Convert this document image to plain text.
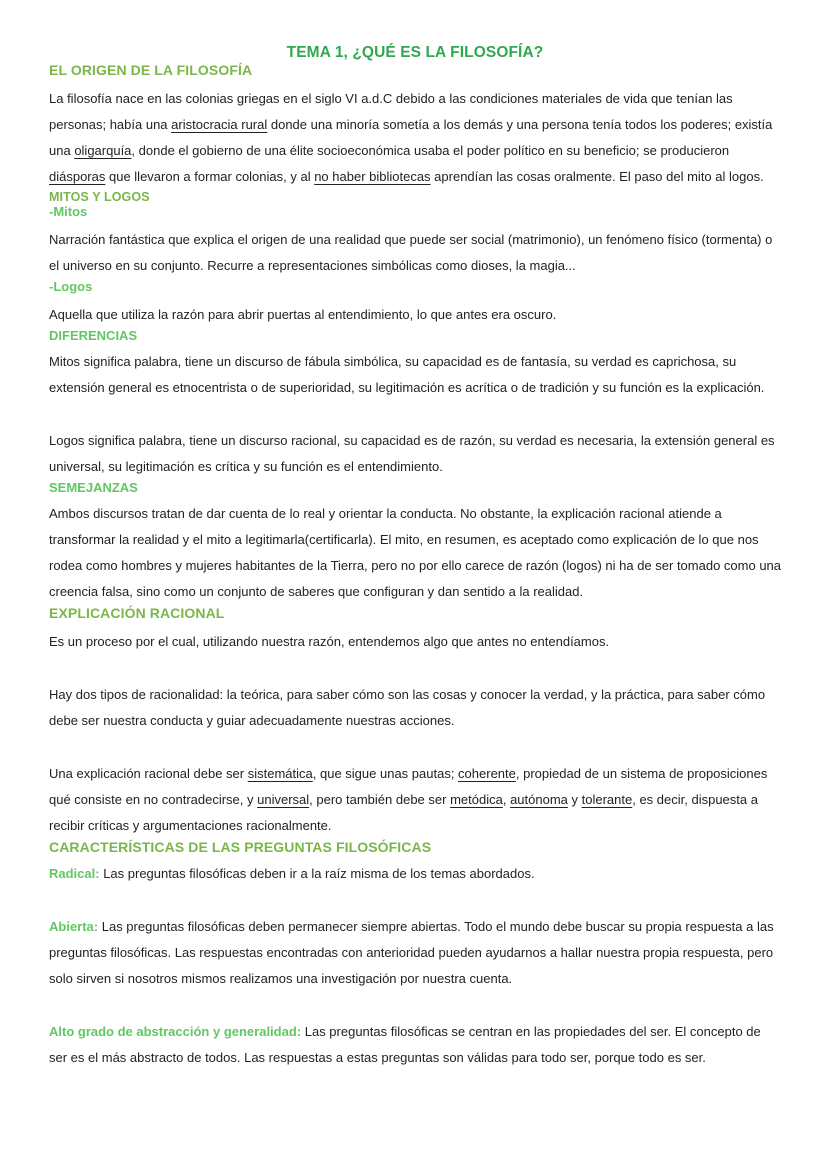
TEMA 1, ¿QUÉ ES LA FILOSOFÍA?
EL ORIGEN DE LA FILOSOFÍA

La filosofía nace en las colonias griegas en el siglo VI a.d.C debido a las condiciones materiales de vida que tenían las personas; había una aristocracia rural donde una minoría sometía a los demás y una persona tenía todos los poderes; existía una oligarquía, donde el gobierno de una élite socioeconómica usaba el poder político en su beneficio; se producieron diásporas que llevaron a formar colonias, y al no haber bibliotecas aprendían las cosas oralmente. El paso del mito al logos.

MITOS Y LOGOS
-Mitos

Narración fantástica que explica el origen de una realidad que puede ser social (matrimonio), un fenómeno físico (tormenta) o el universo en su conjunto. Recurre a representaciones simbólicas como dioses, la magia...

-Logos

Aquella que utiliza la razón para abrir puertas al entendimiento, lo que antes era oscuro.

DIFERENCIAS

Mitos significa palabra, tiene un discurso de fábula simbólica, su capacidad es de fantasía, su verdad es caprichosa, su extensión general es etnocentrista o de superioridad, su legitimación es acrítica o de tradición y su función es la explicación.

Logos significa palabra, tiene un discurso racional, su capacidad es de razón, su verdad es necesaria, la extensión general es universal, su legitimación es crítica y su función es el entendimiento.

SEMEJANZAS

Ambos discursos tratan de dar cuenta de lo real y orientar la conducta. No obstante, la explicación racional atiende a transformar la realidad y el mito a legitimarla(certificarla). El mito, en resumen, es aceptado como explicación de lo que nos rodea como hombres y mujeres habitantes de la Tierra, pero no por ello carece de razón (logos) ni ha de ser tomado como una creencia falsa, sino como un conjunto de saberes que configuran y dan sentido a la realidad.

EXPLICACIÓN RACIONAL

Es un proceso por el cual, utilizando nuestra razón, entendemos algo que antes no entendíamos.

Hay dos tipos de racionalidad: la teórica, para saber cómo son las cosas y conocer la verdad, y la práctica, para saber cómo debe ser nuestra conducta y guiar adecuadamente nuestras acciones.

Una explicación racional debe ser sistemática, que sigue unas pautas; coherente, propiedad de un sistema de proposiciones qué consiste en no contradecirse, y universal, pero también debe ser metódica, autónoma y tolerante, es decir, dispuesta a recibir críticas y argumentaciones racionalmente.

CARACTERÍSTICAS DE LAS PREGUNTAS FILOSÓFICAS

Radical: Las preguntas filosóficas deben ir a la raíz misma de los temas abordados.

Abierta: Las preguntas filosóficas deben permanecer siempre abiertas. Todo el mundo debe buscar su propia respuesta a las preguntas filosóficas. Las respuestas encontradas con anterioridad pueden ayudarnos a hallar nuestra propia respuesta, pero solo sirven si nosotros mismos realizamos una investigación por nuestra cuenta.

Alto grado de abstracción y generalidad: Las preguntas filosóficas se centran en las propiedades del ser. El concepto de ser es el más abstracto de todos. Las respuestas a estas preguntas son válidas para todo ser, porque todo es ser.
